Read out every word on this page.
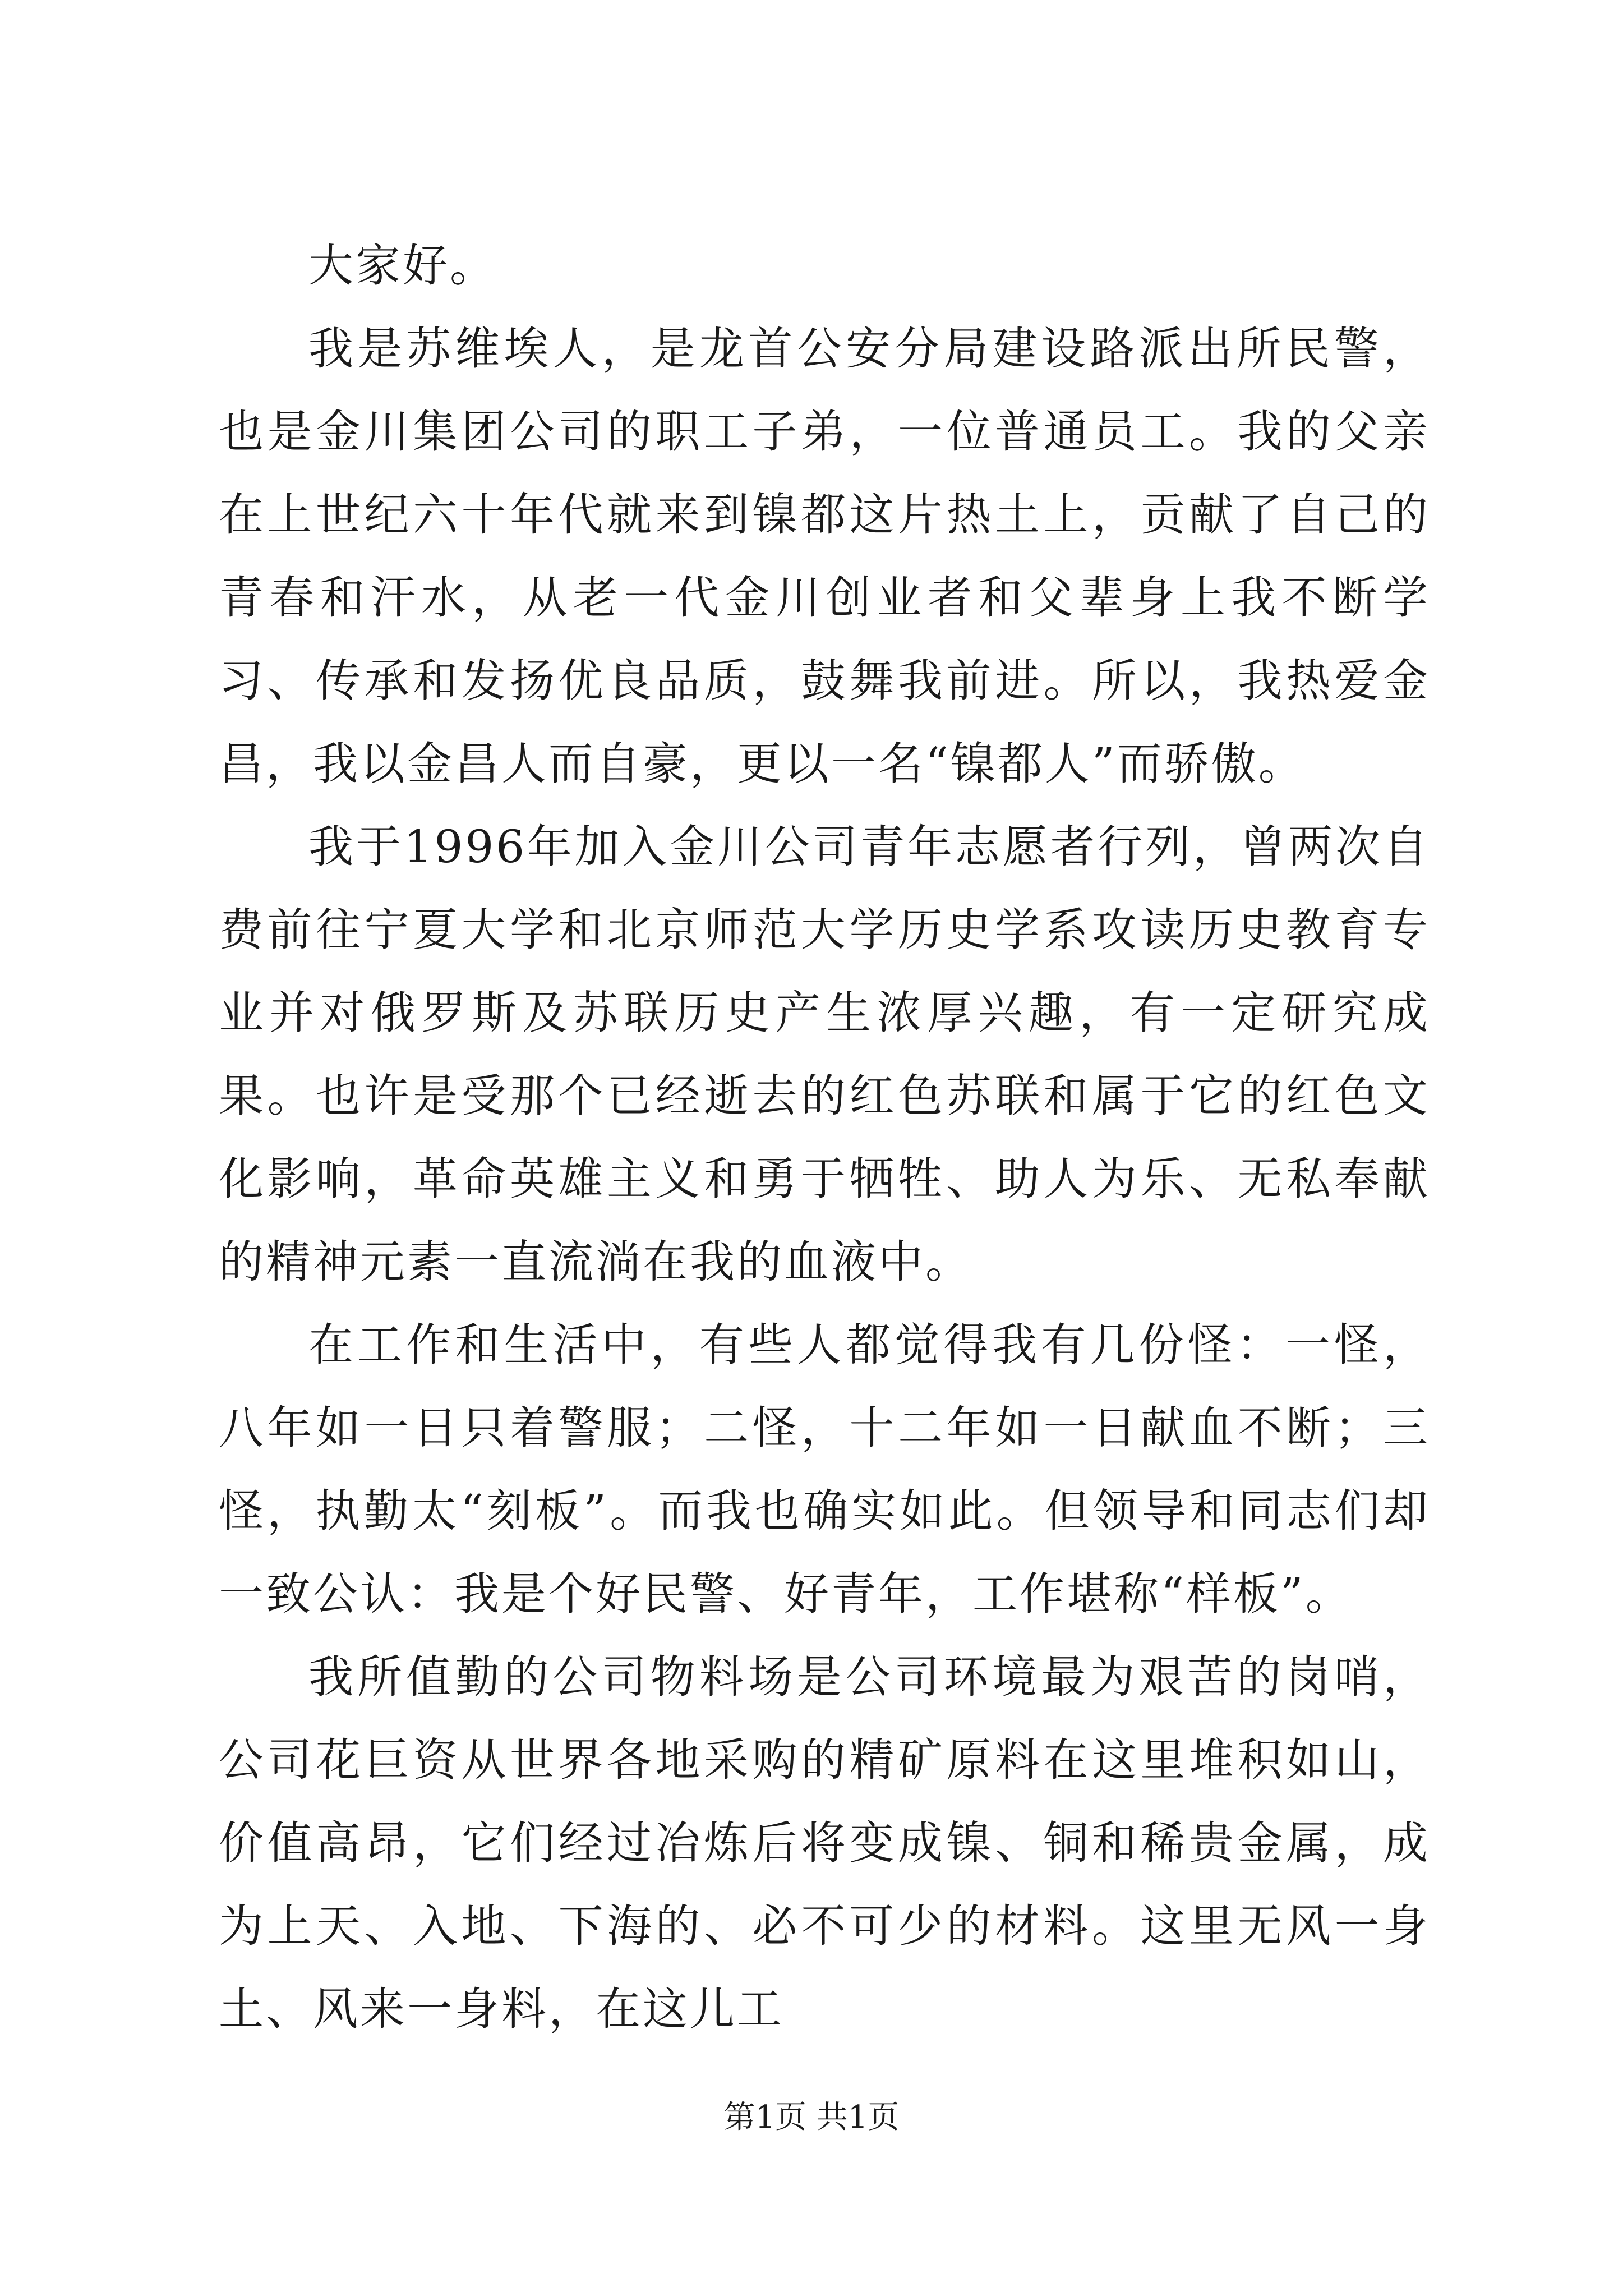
大家好。

我是苏维埃人，是龙首公安分局建设路派出所民警，也是金川集团公司的职工子弟，一位普通员工。我的父亲在上世纪六十年代就来到镍都这片热土上，贡献了自己的青春和汗水，从老一代金川创业者和父辈身上我不断学习、传承和发扬优良品质，鼓舞我前进。所以，我热爱金昌，我以金昌人而自豪，更以一名“镍都人”而骄傲。

我于1996年加入金川公司青年志愿者行列，曾两次自费前往宁夏大学和北京师范大学历史学系攻读历史教育专业并对俄罗斯及苏联历史产生浓厚兴趣，有一定研究成果。也许是受那个已经逝去的红色苏联和属于它的红色文化影响，革命英雄主义和勇于牺牲、助人为乐、无私奉献的精神元素一直流淌在我的血液中。

在工作和生活中，有些人都觉得我有几份怪：一怪，八年如一日只着警服；二怪，十二年如一日献血不断；三怪，执勤太“刻板”。而我也确实如此。但领导和同志们却一致公认：我是个好民警、好青年，工作堪称“样板”。

我所值勤的公司物料场是公司环境最为艰苦的岗哨，公司花巨资从世界各地采购的精矿原料在这里堆积如山，价值高昂，它们经过冶炼后将变成镍、铜和稀贵金属，成为上天、入地、下海的、必不可少的材料。这里无风一身土、风来一身料，在这儿工

第1页 共1页
